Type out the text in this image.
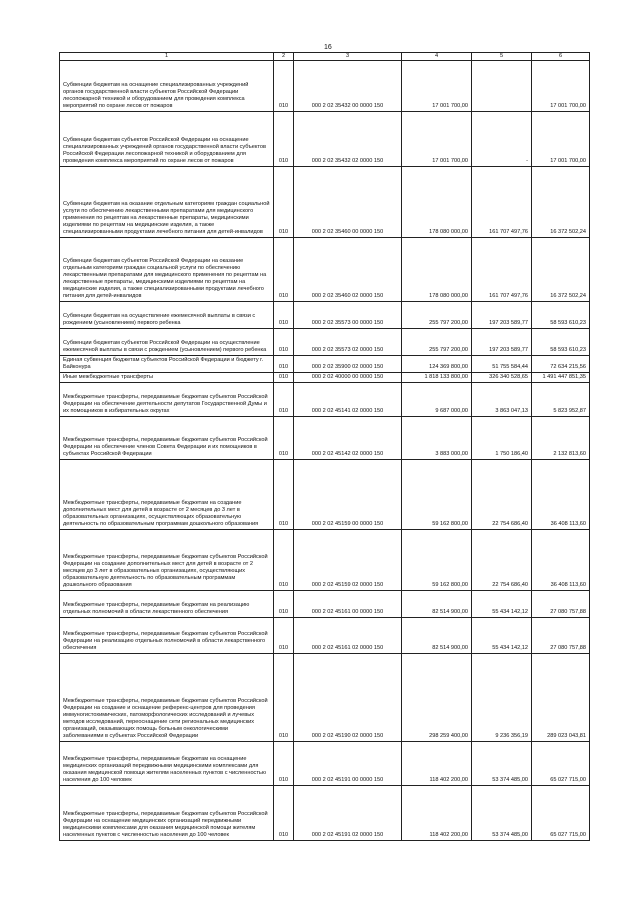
16
1	2	3	4	5	6
Субвенции бюджетам на оснащение специализированных учреждений органов государственной власти субъектов Российской Федерации лесопожарной техникой и оборудованием для проведения комплекса мероприятий по охране лесов от пожаров	010	000 2 02 35432 00 0000 150	17 001 700,00		17 001 700,00
Субвенции бюджетам субъектов Российской Федерации на оснащение специализированных учреждений органов государственной власти субъектов Российской Федерации лесопожарной техникой и оборудованием для проведения комплекса мероприятий по охране лесов от пожаров	010	000 2 02 35432 02 0000 150	17 001 700,00	-	17 001 700,00
Субвенции бюджетам на оказание отдельным категориям граждан социальной услуги по обеспечению лекарственными препаратами для медицинского применения по рецептам на лекарственные препараты, медицинскими изделиями по рецептам на медицинские изделия, а также специализированными продуктами лечебного питания для детей-инвалидов	010	000 2 02 35460 00 0000 150	178 080 000,00	161 707 497,76	16 372 502,24
Субвенции бюджетам субъектов Российской Федерации на оказание отдельным категориям граждан социальной услуги по обеспечению лекарственными препаратами для медицинского применения по рецептам на лекарственные препараты, медицинскими изделиями по рецептам на медицинские изделия, а также специализированными продуктами лечебного питания для детей-инвалидов	010	000 2 02 35460 02 0000 150	178 080 000,00	161 707 497,76	16 372 502,24
Субвенции бюджетам на осуществление ежемесячной выплаты в связи с рождением (усыновлением) первого ребенка	010	000 2 02 35573 00 0000 150	255 797 200,00	197 203 589,77	58 593 610,23
Субвенции бюджетам субъектов Российской Федерации на осуществление ежемесячной выплаты в связи с рождением (усыновлением) первого ребенка	010	000 2 02 35573 02 0000 150	255 797 200,00	197 203 589,77	58 593 610,23
Единая субвенция бюджетам субъектов Российской Федерации и бюджету г. Байконура	010	000 2 02 35900 02 0000 150	124 369 800,00	51 755 584,44	72 634 215,56
Иные межбюджетные трансферты	010	000 2 02 40000 00 0000 150	1 818 133 800,00	326 340 528,65	1 491 447 851,35
Межбюджетные трансферты, передаваемые бюджетам субъектов Российской Федерации на обеспечение деятельности депутатов Государственной Думы и их помощников в избирательных округах	010	000 2 02 45141 02 0000 150	9 687 000,00	3 863 047,13	5 823 952,87
Межбюджетные трансферты, передаваемые бюджетам субъектов Российской Федерации на обеспечение членов Совета Федерации и их помощников в субъектах Российской Федерации	010	000 2 02 45142 02 0000 150	3 883 000,00	1 750 186,40	2 132 813,60
Межбюджетные трансферты, передаваемые бюджетам на создание дополнительных мест для детей в возрасте от 2 месяцев до 3 лет в образовательных организациях, осуществляющих образовательную деятельность по образовательным программам дошкольного образования	010	000 2 02 45159 00 0000 150	59 162 800,00	22 754 686,40	36 408 113,60
Межбюджетные трансферты, передаваемые бюджетам субъектов Российской Федерации на создание дополнительных мест для детей в возрасте от 2 месяцев до 3 лет в образовательных организациях, осуществляющих образовательную деятельность по образовательным программам дошкольного образования	010	000 2 02 45159 02 0000 150	59 162 800,00	22 754 686,40	36 408 113,60
Межбюджетные трансферты, передаваемые бюджетам на реализацию отдельных полномочий в области лекарственного обеспечения	010	000 2 02 45161 00 0000 150	82 514 900,00	55 434 142,12	27 080 757,88
Межбюджетные трансферты, передаваемые бюджетам субъектов Российской Федерации на реализацию отдельных полномочий в области лекарственного обеспечения	010	000 2 02 45161 02 0000 150	82 514 900,00	55 434 142,12	27 080 757,88
Межбюджетные трансферты, передаваемые бюджетам субъектов Российской Федерации на создание и оснащение референс-центров для проведения иммуногистохимических, патоморфологических исследований и лучевых методов исследований, переоснащение сети региональных медицинских организаций, оказывающих помощь больным онкологическими заболеваниями в субъектах Российской Федерации	010	000 2 02 45190 02 0000 150	298 259 400,00	9 236 356,19	289 023 043,81
Межбюджетные трансферты, передаваемые бюджетам на оснащение медицинских организаций передвижными медицинскими комплексами для оказания медицинской помощи жителям населенных пунктов с численностью населения до 100 человек	010	000 2 02 45191 00 0000 150	118 402 200,00	53 374 485,00	65 027 715,00
Межбюджетные трансферты, передаваемые бюджетам субъектов Российской Федерации на оснащение медицинских организаций передвижными медицинскими комплексами для оказания медицинской помощи жителям населенных пунктов с численностью населения до 100 человек	010	000 2 02 45191 02 0000 150	118 402 200,00	53 374 485,00	65 027 715,00
